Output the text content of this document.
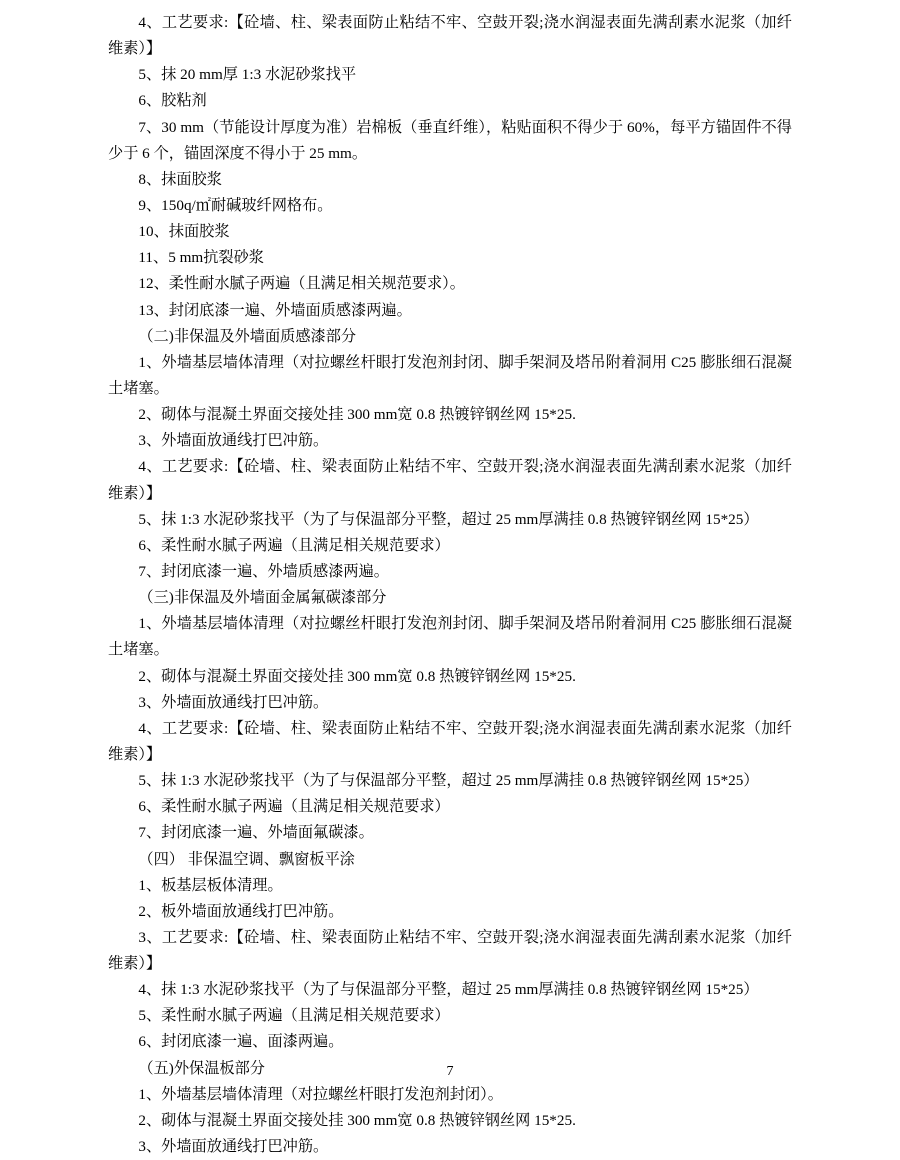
4、工艺要求:【砼墙、柱、梁表面防止粘结不牢、空鼓开裂;浇水润湿表面先满刮素水泥浆（加纤维素）】

5、抹 20 mm厚 1:3 水泥砂浆找平

6、胶粘剂

7、30 mm（节能设计厚度为准）岩棉板（垂直纤维），粘贴面积不得少于 60%，每平方锚固件不得少于 6 个，锚固深度不得小于 25 mm。

8、抹面胶浆

9、150q/㎡耐碱玻纤网格布。

10、抹面胶浆

11、5 mm抗裂砂浆

12、柔性耐水腻子两遍（且满足相关规范要求）。

13、封闭底漆一遍、外墙面质感漆两遍。

（二)非保温及外墙面质感漆部分

1、外墙基层墙体清理（对拉螺丝杆眼打发泡剂封闭、脚手架洞及塔吊附着洞用 C25 膨胀细石混凝土堵塞。

2、砌体与混凝土界面交接处挂 300 mm宽 0.8 热镀锌钢丝网 15*25.

3、外墙面放通线打巴冲筋。

4、工艺要求:【砼墙、柱、梁表面防止粘结不牢、空鼓开裂;浇水润湿表面先满刮素水泥浆（加纤维素）】

5、抹 1:3 水泥砂浆找平（为了与保温部分平整，超过 25 mm厚满挂 0.8 热镀锌钢丝网 15*25）

6、柔性耐水腻子两遍（且满足相关规范要求）

7、封闭底漆一遍、外墙质感漆两遍。

（三)非保温及外墙面金属氟碳漆部分

1、外墙基层墙体清理（对拉螺丝杆眼打发泡剂封闭、脚手架洞及塔吊附着洞用 C25 膨胀细石混凝土堵塞。

2、砌体与混凝土界面交接处挂 300 mm宽 0.8 热镀锌钢丝网 15*25.

3、外墙面放通线打巴冲筋。

4、工艺要求:【砼墙、柱、梁表面防止粘结不牢、空鼓开裂;浇水润湿表面先满刮素水泥浆（加纤维素）】

5、抹 1:3 水泥砂浆找平（为了与保温部分平整，超过 25 mm厚满挂 0.8 热镀锌钢丝网 15*25）

6、柔性耐水腻子两遍（且满足相关规范要求）

7、封闭底漆一遍、外墙面氟碳漆。

（四） 非保温空调、飘窗板平涂

1、板基层板体清理。

2、板外墙面放通线打巴冲筋。

3、工艺要求:【砼墙、柱、梁表面防止粘结不牢、空鼓开裂;浇水润湿表面先满刮素水泥浆（加纤维素）】

4、抹 1:3 水泥砂浆找平（为了与保温部分平整，超过 25 mm厚满挂 0.8 热镀锌钢丝网 15*25）

5、柔性耐水腻子两遍（且满足相关规范要求）

6、封闭底漆一遍、面漆两遍。

（五)外保温板部分

1、外墙基层墙体清理（对拉螺丝杆眼打发泡剂封闭）。

2、砌体与混凝土界面交接处挂 300 mm宽 0.8 热镀锌钢丝网 15*25.

3、外墙面放通线打巴冲筋。

7
